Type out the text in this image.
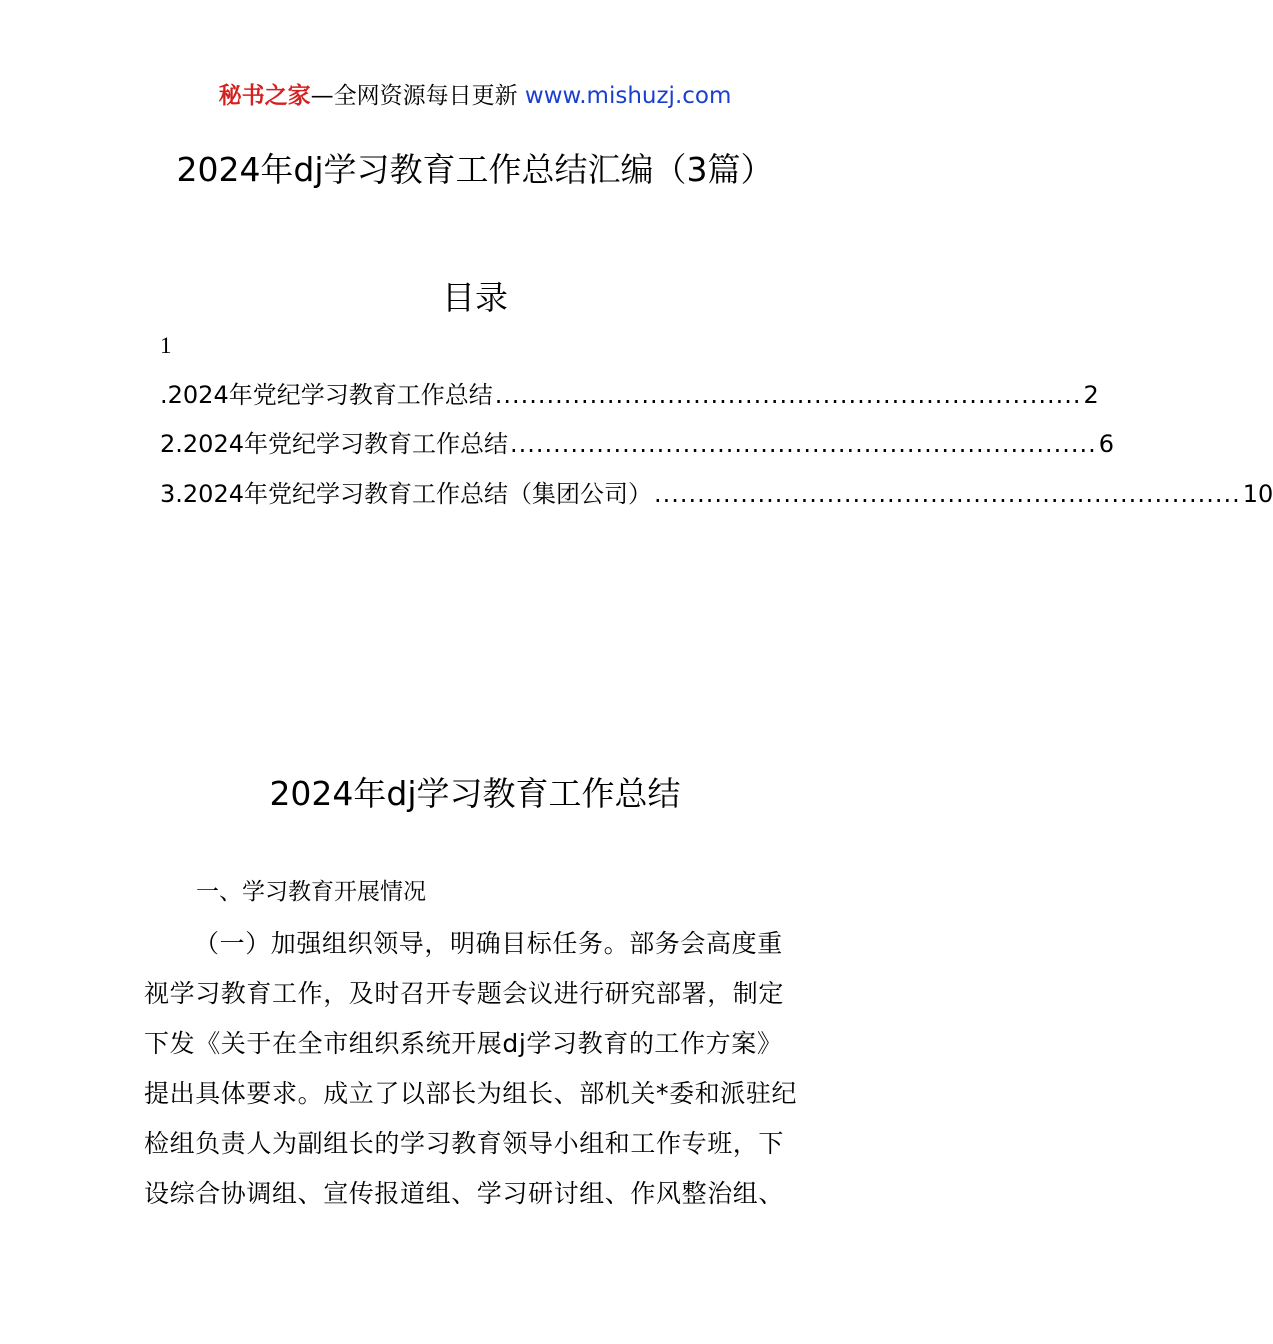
秘书之家—全网资源每日更新 www.mishuzj.com
2024年dj学习教育工作总结汇编（3篇）
目录
1
.2024年党纪学习教育工作总结 .................................................................... 2
2.2024年党纪学习教育工作总结 .................................................................... 6
3.2024年党纪学习教育工作总结（集团公司） .................................................................... 10
2024年dj学习教育工作总结
一、学习教育开展情况
（一）加强组织领导，明确目标任务。部务会高度重
视学习教育工作，及时召开专题会议进行研究部署，制定
下发《关于在全市组织系统开展dj学习教育的工作方案》
提出具体要求。成立了以部长为组长、部机关*委和派驻纪
检组负责人为副组长的学习教育领导小组和工作专班，下
设综合协调组、宣传报道组、学习研讨组、作风整治组、
